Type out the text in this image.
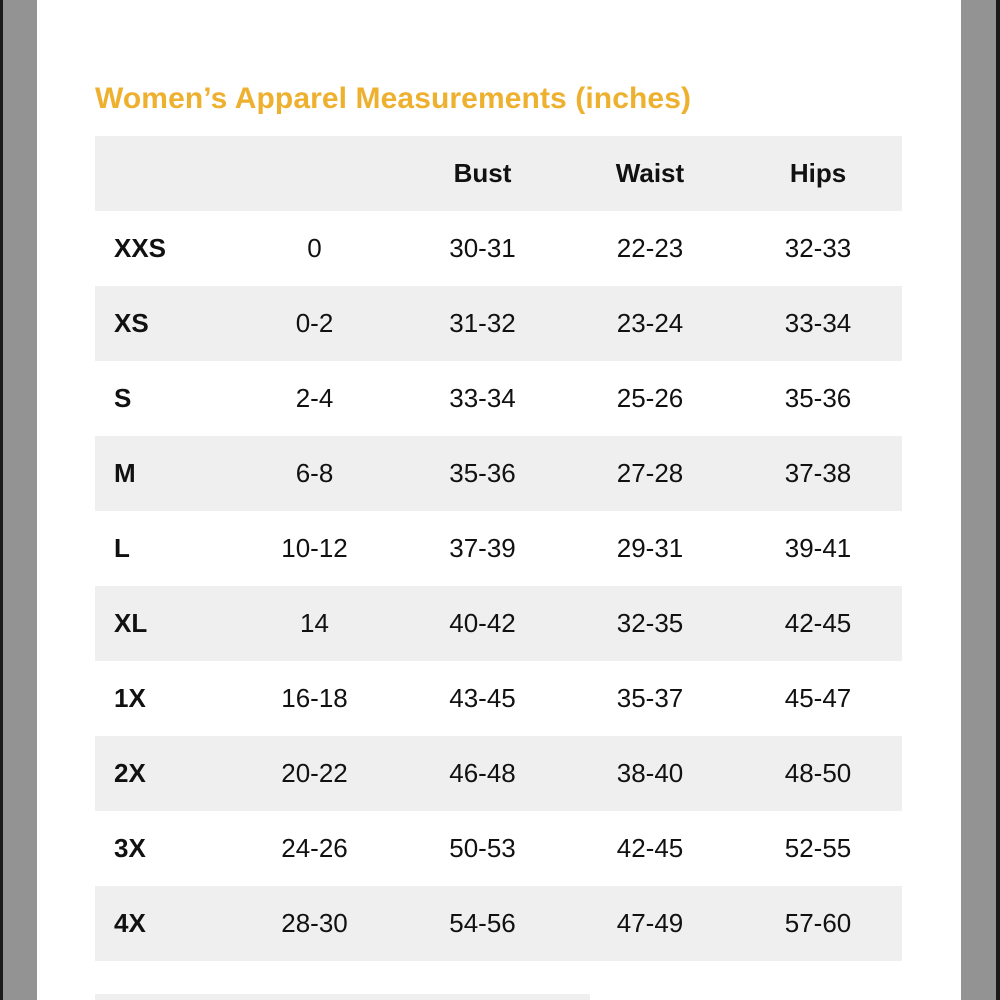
Women’s Apparel Measurements (inches)
		Bust	Waist	Hips
XXS	0	30-31	22-23	32-33
XS	0-2	31-32	23-24	33-34
S	2-4	33-34	25-26	35-36
M	6-8	35-36	27-28	37-38
L	10-12	37-39	29-31	39-41
XL	14	40-42	32-35	42-45
1X	16-18	43-45	35-37	45-47
2X	20-22	46-48	38-40	48-50
3X	24-26	50-53	42-45	52-55
4X	28-30	54-56	47-49	57-60
